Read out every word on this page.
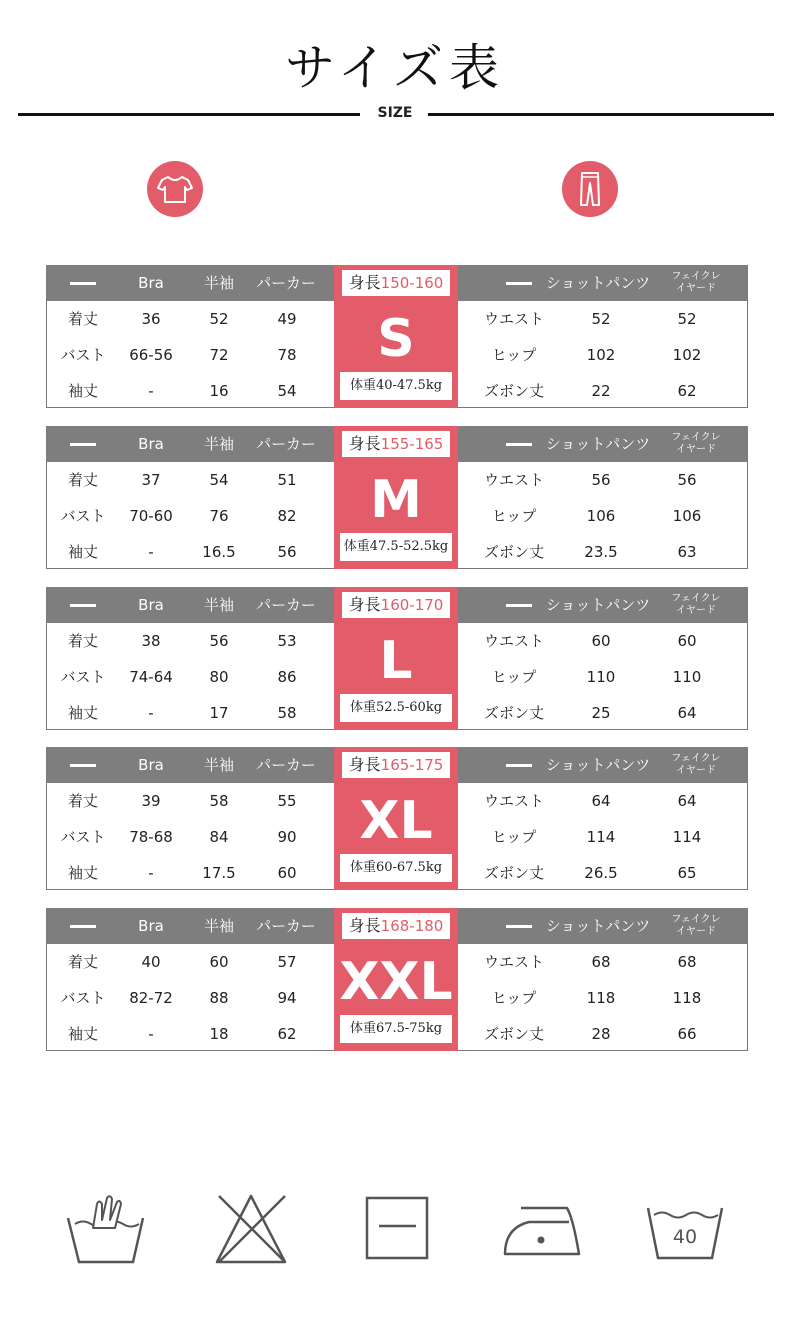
サイズ表
SIZE
Bra	半袖	パーカー	ショットパンツ	フェイクレ
イヤード
着丈	36	52	49	ウエスト	52	52
バスト	66-56	72	78	ヒップ	102	102
袖丈	-	16	54	ズボン丈	22	62
身長150-160
S
体重40-47.5kg
Bra	半袖	パーカー	ショットパンツ	フェイクレ
イヤード
着丈	37	54	51	ウエスト	56	56
バスト	70-60	76	82	ヒップ	106	106
袖丈	-	16.5	56	ズボン丈	23.5	63
身長155-165
M
体重47.5-52.5kg
Bra	半袖	パーカー	ショットパンツ	フェイクレ
イヤード
着丈	38	56	53	ウエスト	60	60
バスト	74-64	80	86	ヒップ	110	110
袖丈	-	17	58	ズボン丈	25	64
身長160-170
L
体重52.5-60kg
Bra	半袖	パーカー	ショットパンツ	フェイクレ
イヤード
着丈	39	58	55	ウエスト	64	64
バスト	78-68	84	90	ヒップ	114	114
袖丈	-	17.5	60	ズボン丈	26.5	65
身長165-175
XL
体重60-67.5kg
Bra	半袖	パーカー	ショットパンツ	フェイクレ
イヤード
着丈	40	60	57	ウエスト	68	68
バスト	82-72	88	94	ヒップ	118	118
袖丈	-	18	62	ズボン丈	28	66
身長168-180
XXL
体重67.5-75kg
40
